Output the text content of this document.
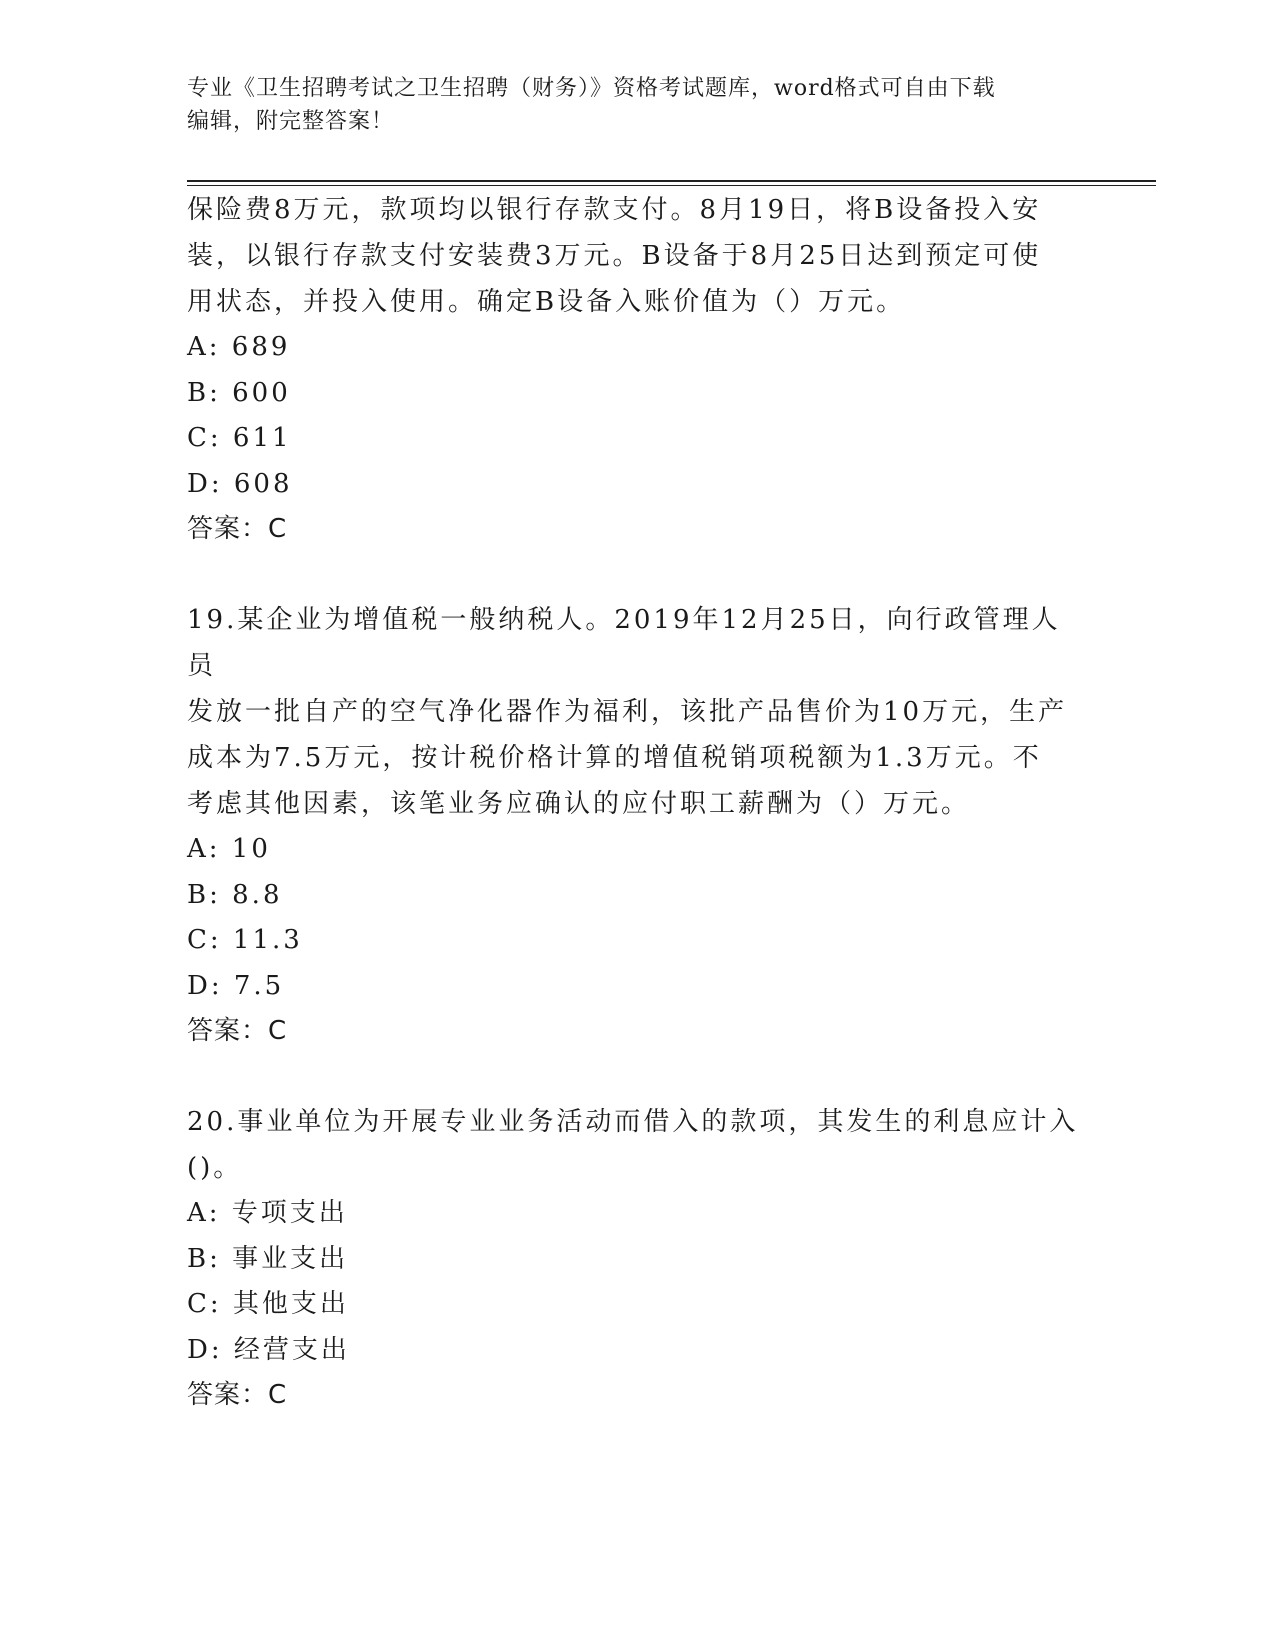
专业《卫生招聘考试之卫生招聘（财务）》资格考试题库，word格式可自由下载
编辑，附完整答案！

保险费8万元，款项均以银行存款支付。8月19日，将B设备投入安

装，以银行存款支付安装费3万元。B设备于8月25日达到预定可使

用状态，并投入使用。确定B设备入账价值为（）万元。

A: 689

B: 600

C: 611

D: 608

答案：C

19.某企业为增值税一般纳税人。2019年12月25日，向行政管理人员

发放一批自产的空气净化器作为福利，该批产品售价为10万元，生产

成本为7.5万元，按计税价格计算的增值税销项税额为1.3万元。不

考虑其他因素，该笔业务应确认的应付职工薪酬为（）万元。

A: 10

B: 8.8

C: 11.3

D: 7.5

答案：C

20.事业单位为开展专业业务活动而借入的款项，其发生的利息应计入

()。

A: 专项支出

B: 事业支出

C: 其他支出

D: 经营支出

答案：C
